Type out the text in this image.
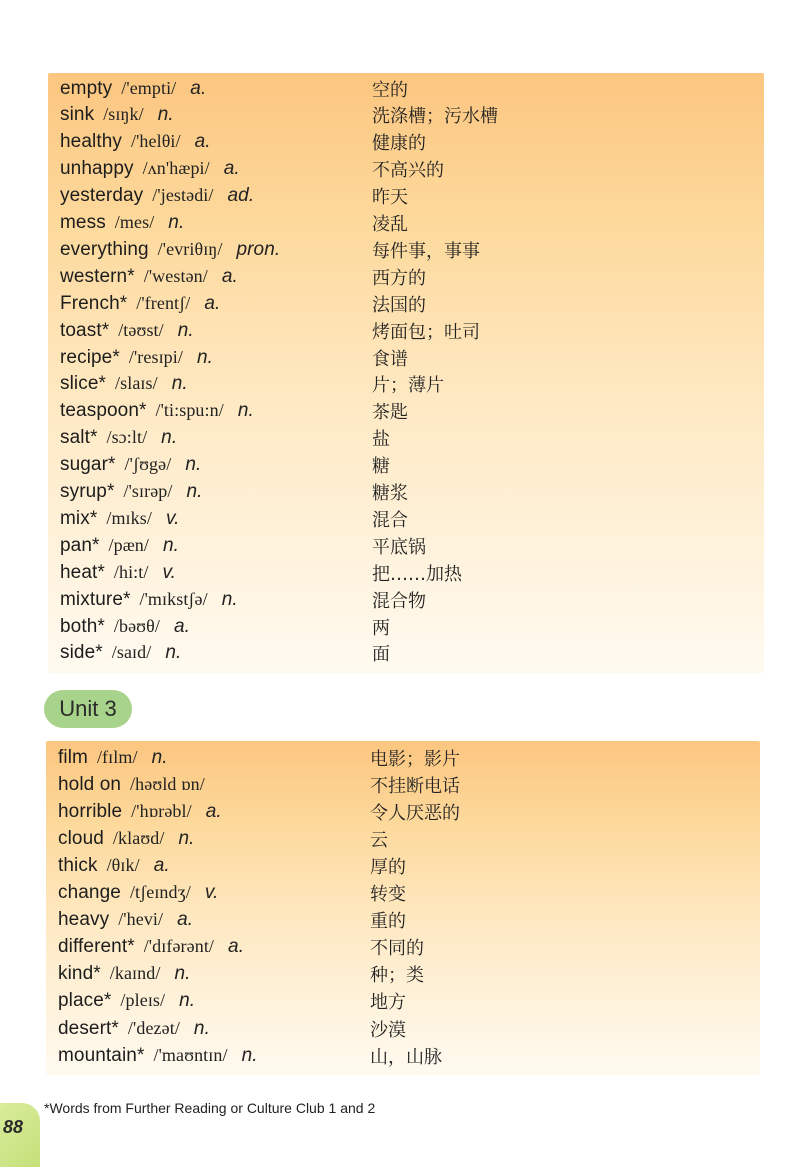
empty /'empti/ a.	空的
sink /sɪŋk/ n.	洗涤槽；污水槽
healthy /'helθi/ a.	健康的
unhappy /ʌn'hæpi/ a.	不高兴的
yesterday /'jestədi/ ad.	昨天
mess /mes/ n.	凌乱
everything /'evriθɪŋ/ pron.	每件事，事事
western* /'westən/ a.	西方的
French* /'frentʃ/ a.	法国的
toast* /təʊst/ n.	烤面包；吐司
recipe* /'resɪpi/ n.	食谱
slice* /slaɪs/ n.	片；薄片
teaspoon* /'ti:spu:n/ n.	茶匙
salt* /sɔ:lt/ n.	盐
sugar* /'ʃʊgə/ n.	糖
syrup* /'sɪrəp/ n.	糖浆
mix* /mɪks/ v.	混合
pan* /pæn/ n.	平底锅
heat* /hi:t/ v.	把……加热
mixture* /'mɪkstʃə/ n.	混合物
both* /bəʊθ/ a.	两
side* /saɪd/ n.	面
Unit 3
film /fɪlm/ n.	电影；影片
hold on /həʊld ɒn/	不挂断电话
horrible /'hɒrəbl/ a.	令人厌恶的
cloud /klaʊd/ n.	云
thick /θɪk/ a.	厚的
change /tʃeɪndʒ/ v.	转变
heavy /'hevi/ a.	重的
different* /'dɪfərənt/ a.	不同的
kind* /kaɪnd/ n.	种；类
place* /pleɪs/ n.	地方
desert* /'dezət/ n.	沙漠
mountain* /'maʊntɪn/ n.	山，山脉
*Words from Further Reading or Culture Club 1 and 2
88
